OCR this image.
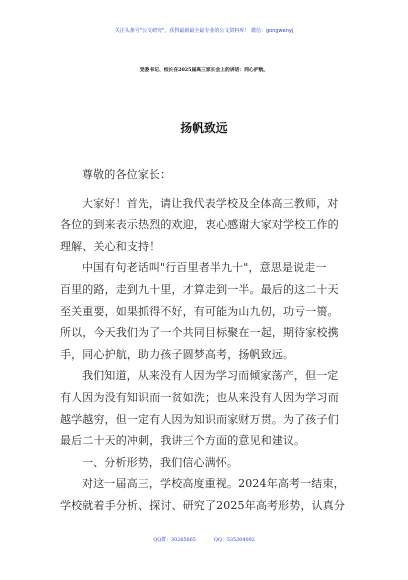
关注头条号"公文研究"，获得最新最全最专业的公文资料库！ 微信：gongwenyj
党委书记、校长在2025届高三家长会上的讲话：同心护航，
扬帆致远
尊敬的各位家长：
大家好！首先，请让我代表学校及全体高三教师，对
各位的到来表示热烈的欢迎，衷心感谢大家对学校工作的
理解、关心和支持！
中国有句老话叫"行百里者半九十"，意思是说走一
百里的路，走到九十里，才算走到一半。最后的这二十天
至关重要，如果抓得不好，有可能为山九仞，功亏一篑。
所以，今天我们为了一个共同目标聚在一起，期待家校携
手，同心护航，助力孩子圆梦高考，扬帆致远。
我们知道，从来没有人因为学习而倾家荡产，但一定
有人因为没有知识而一贫如洗；也从来没有人因为学习而
越学越穷，但一定有人因为知识而家财万贯。为了孩子们
最后二十天的冲刺，我讲三个方面的意见和建议。
一、分析形势，我们信心满怀。
对这一届高三，学校高度重视。2024年高考一结束，
学校就着手分析、探讨、研究了2025年高考形势，认真分
QQ群：30265665	QQ：535304092
